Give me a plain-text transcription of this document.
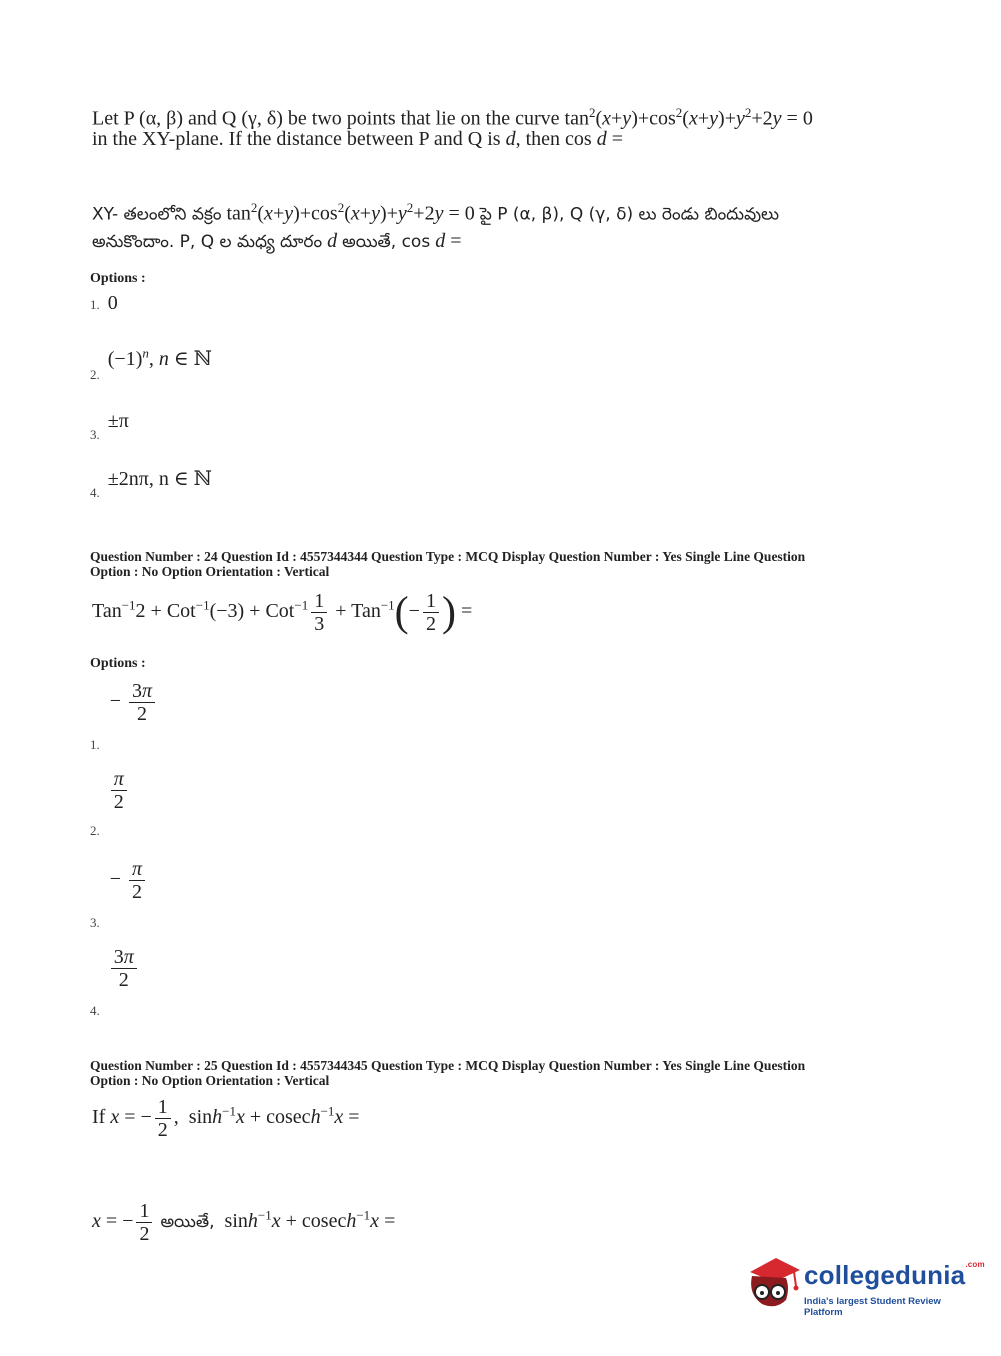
Let P (α, β) and Q (γ, δ) be two points that lie on the curve $\tan^2(x+y)+\cos^2(x+y)+y^2+2y = 0$
in the XY-plane. If the distance between P and Q is d, then cos d =
XY- తలంలోని వక్రం $\tan^2(x+y)+\cos^2(x+y)+y^2+2y = 0$ పై P (α, β), Q (γ, δ) లు రెండు బిందువులు
అనుకొందాం. P, Q ల మధ్య దూరం d అయితే, cos d =
Options :
1. 0
$_{2.}$ $(-1)^n$, n ∈ ℕ
$_{3.}$ ±π
$_{4.}$ ±2nπ, n ∈ ℕ
Question Number : 24 Question Id : 4557344344 Question Type : MCQ Display Question Number : Yes Single Line Question
Option : No Option Orientation : Vertical
$Tan^{-1}2 + Cot^{-1}(-3) + Cot^{-1} \frac{1}{3} + Tan^{-1}(- \frac{1}{2}$ ) =
Options :
$_{1.} - \frac{3\pi}{2}$
$_{2.}$
$\frac{\pi}{2}$
$_{3.} - \frac{\pi}{2}$
$_{4.}$
$\frac{3\pi}{2}$
Question Number : 25 Question Id : 4557344345 Question Type : MCQ Display Question Number : Yes Single Line Question
Option : No Option Orientation : Vertical
If x = − $\frac{1}{2}$ ,  $\sinh^{-1}x + cosech^{-1}x$ =
x = − $\frac{1}{2}$ అయితే,  $\sinh^{-1}x + cosech^{-1}x$ =
collegedunia$^{.com}$
India's largest Student Review Platform
